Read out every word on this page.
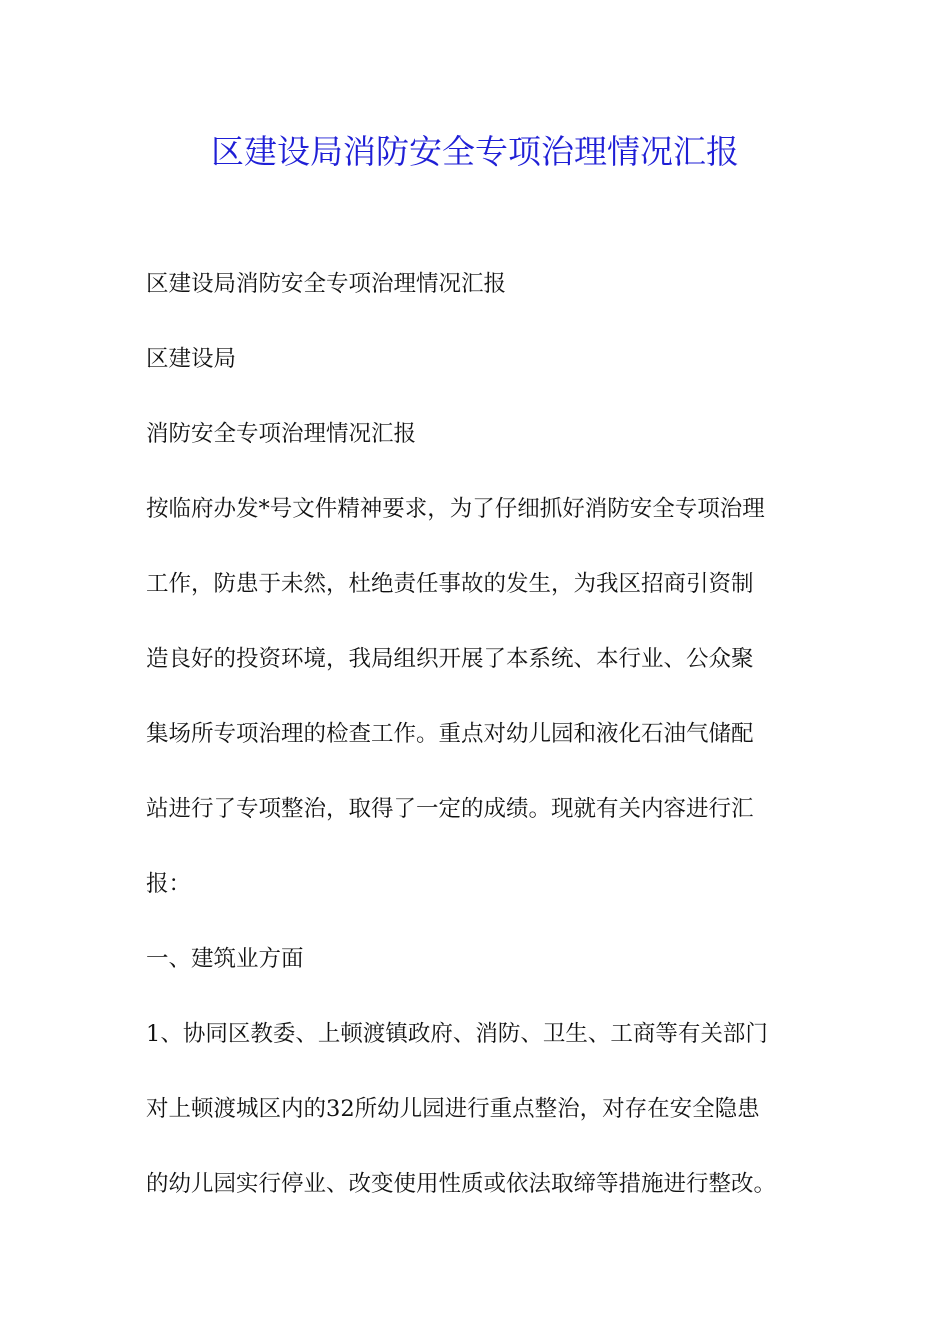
区建设局消防安全专项治理情况汇报

区建设局消防安全专项治理情况汇报

区建设局

消防安全专项治理情况汇报

按临府办发*号文件精神要求，为了仔细抓好消防安全专项治理

工作，防患于未然，杜绝责任事故的发生，为我区招商引资制

造良好的投资环境，我局组织开展了本系统、本行业、公众聚

集场所专项治理的检查工作。重点对幼儿园和液化石油气储配

站进行了专项整治，取得了一定的成绩。现就有关内容进行汇

报：

一、建筑业方面

1、协同区教委、上顿渡镇政府、消防、卫生、工商等有关部门

对上顿渡城区内的32所幼儿园进行重点整治，对存在安全隐患

的幼儿园实行停业、改变使用性质或依法取缔等措施进行整改。
